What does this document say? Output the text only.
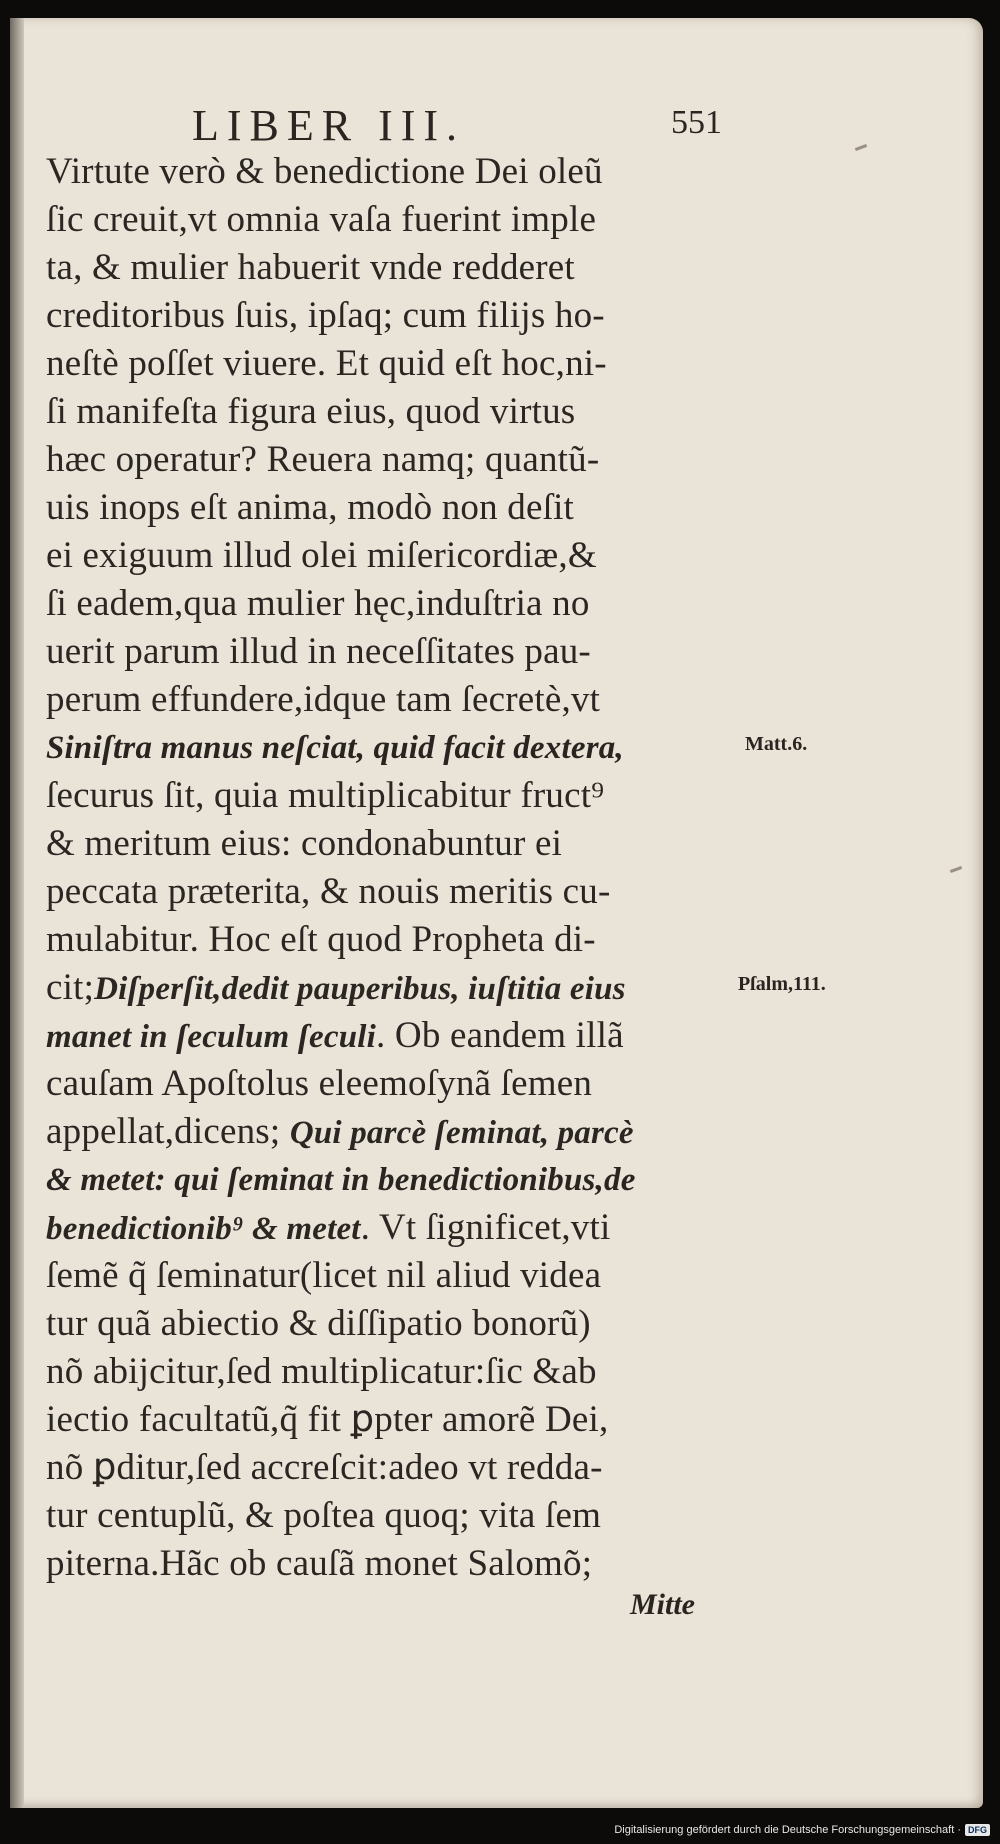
LIBER III.	551
Virtute verò & benedictione Dei oleũ
ſic creuit,vt omnia vaſa fuerint imple
ta, & mulier habuerit vnde redderet
creditoribus ſuis, ipſaq; cum filijs ho-
neſtè poſſet viuere. Et quid eſt hoc,ni-
ſi manifeſta figura eius, quod virtus
hæc operatur? Reuera namq; quantũ-
uis inops eſt anima, modò non deſit
ei exiguum illud olei miſericordiæ,&
ſi eadem,qua mulier hęc,induſtria no
uerit parum illud in neceſſitates pau-
perum effundere,idque tam ſecretè,vt
Siniſtra manus neſciat, quid facit dextera,
ſecurus ſit, quia multiplicabitur fruct⁹
& meritum eius: condonabuntur ei
peccata præterita, & nouis meritis cu-
mulabitur. Hoc eſt quod Propheta di-
cit;Diſperſit,dedit pauperibus, iuſtitia eius
manet in ſeculum ſeculi. Ob eandem illã
cauſam Apoſtolus eleemoſynã ſemen
appellat,dicens; Qui parcè ſeminat, parcè
& metet: qui ſeminat in benedictionibus,de
benedictionib⁹ & metet. Vt ſignificet,vti
ſemẽ q̃ ſeminatur(licet nil aliud videa
tur quã abiectio & diſſipatio bonorũ)
nõ abijcitur,ſed multiplicatur:ſic &ab
iectio facultatũ,q̃ fit ꝑpter amorẽ Dei,
nõ ꝑditur,ſed accreſcit:adeo vt redda-
tur centuplũ, & poſtea quoq; vita ſem
piterna.Hãc ob cauſã monet Salomõ;
Matt.6.
Pſalm,111.
Mitte
Digitalisierung gefördert durch die Deutsche Forschungsgemeinschaft · DFG
